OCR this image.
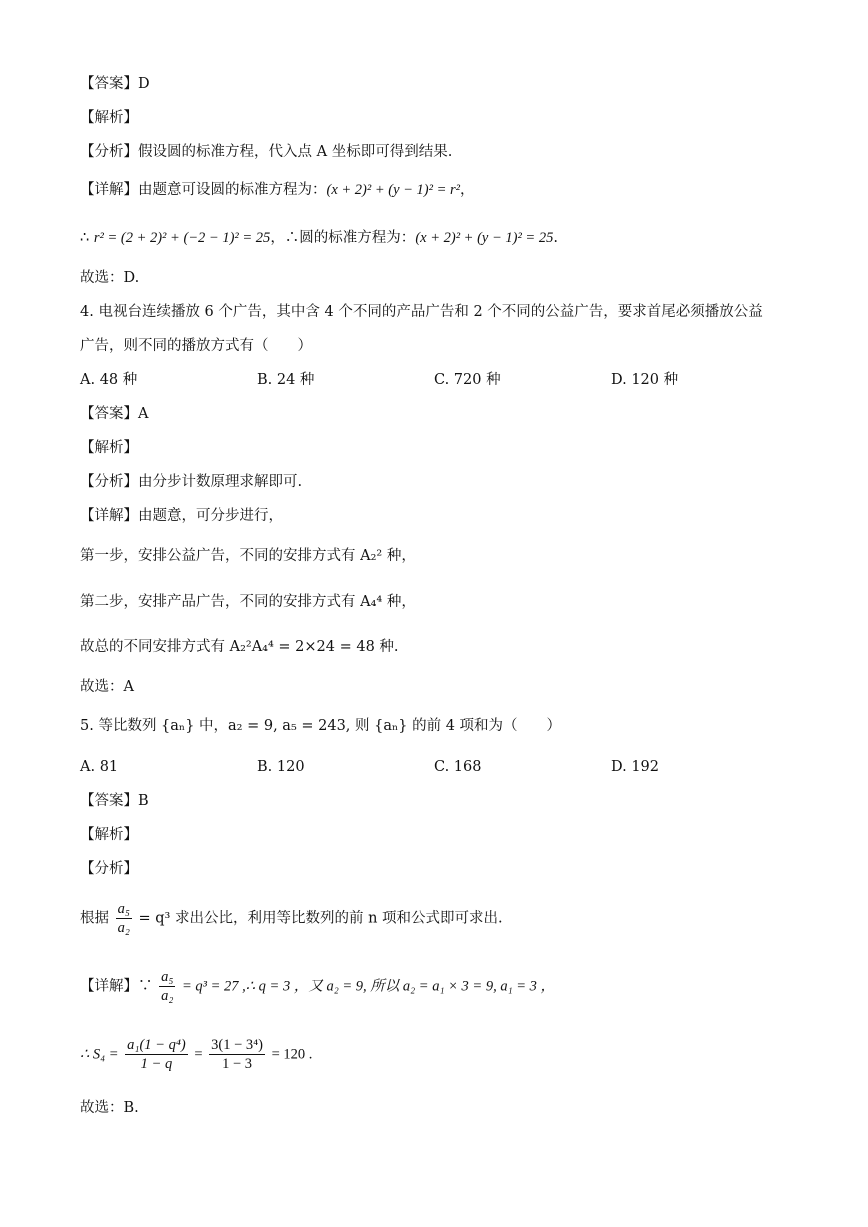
【答案】D
【解析】
【分析】假设圆的标准方程，代入点 A 坐标即可得到结果.
【详解】由题意可设圆的标准方程为：(x + 2)² + (y − 1)² = r²，
∴ r² = (2 + 2)² + (−2 − 1)² = 25，∴圆的标准方程为：(x + 2)² + (y − 1)² = 25.
故选：D.
4. 电视台连续播放 6 个广告，其中含 4 个不同的产品广告和 2 个不同的公益广告，要求首尾必须播放公益
广告，则不同的播放方式有（　　）
A. 48 种	B. 24 种	C. 720 种	D. 120 种
【答案】A
【解析】
【分析】由分步计数原理求解即可.
【详解】由题意，可分步进行，
第一步，安排公益广告，不同的安排方式有 A₂² 种，
第二步，安排产品广告，不同的安排方式有 A₄⁴ 种，
故总的不同安排方式有 A₂²A₄⁴ = 2×24 = 48 种.
故选：A
5. 等比数列 {aₙ} 中，a₂ = 9, a₅ = 243, 则 {aₙ} 的前 4 项和为（　　）
A. 81	B. 120	C. 168	D. 192
【答案】B
【解析】
【分析】
根据 $\frac{\text{a₅}}{\text{a₂}} = q^3$ 求出公比，利用等比数列的前 n 项和公式即可求出.
【详解】∵ $\frac{\text{a₅}}{\text{a₂}} = q^3 = 27$ ,∴ q = 3 ，又 a₂ = 9, 所以 a₂ = a₁ × 3 = 9, a₁ = 3 ，
∴ $S_4 = \frac{\text{a₁(1 − q⁴)}}{1 - q} = \frac{\text{3(1 − 3⁴)}}{1 - 3} = 120$ .
故选：B.
